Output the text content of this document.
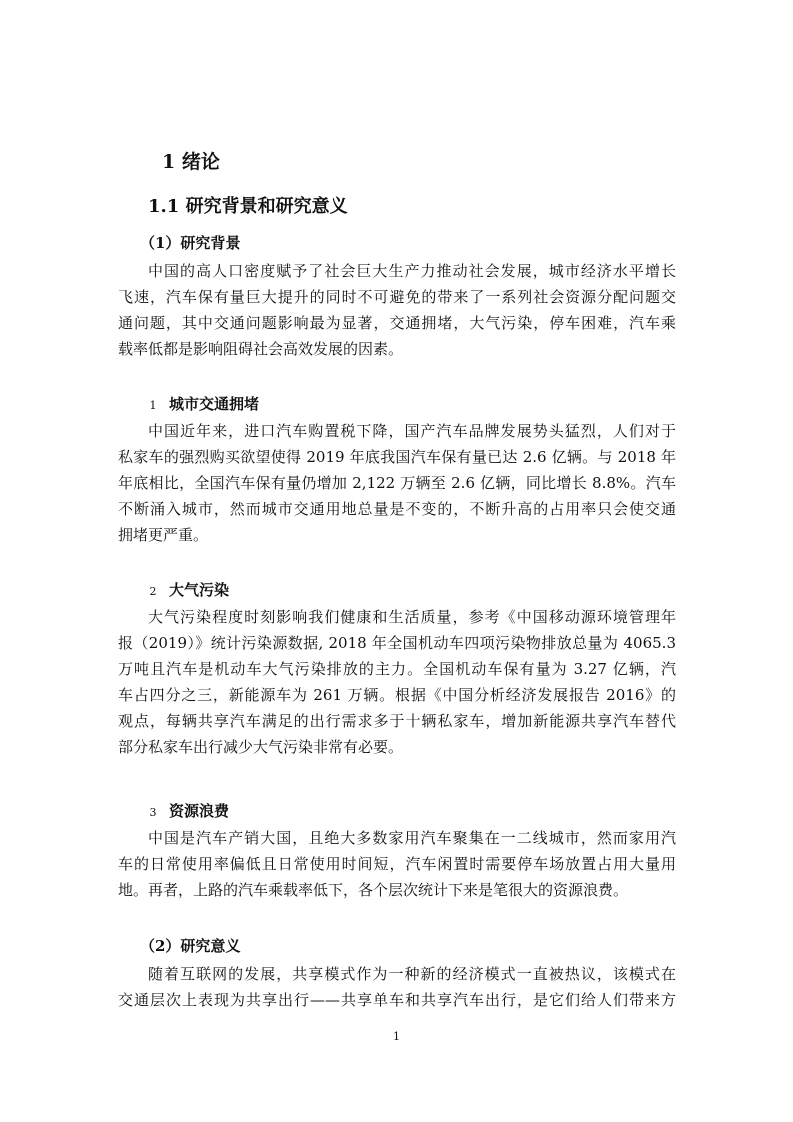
1 绪论
1.1 研究背景和研究意义
（1）研究背景
中国的高人口密度赋予了社会巨大生产力推动社会发展，城市经济水平增长
飞速，汽车保有量巨大提升的同时不可避免的带来了一系列社会资源分配问题交
通问题，其中交通问题影响最为显著，交通拥堵，大气污染，停车困难，汽车乘
载率低都是影响阻碍社会高效发展的因素。
1 城市交通拥堵
中国近年来，进口汽车购置税下降，国产汽车品牌发展势头猛烈，人们对于
私家车的强烈购买欲望使得 2019 年底我国汽车保有量已达 2.6 亿辆。与 2018 年
年底相比，全国汽车保有量仍增加 2,122 万辆至 2.6 亿辆，同比增长 8.8%。汽车
不断涌入城市，然而城市交通用地总量是不变的，不断升高的占用率只会使交通
拥堵更严重。
2 大气污染
大气污染程度时刻影响我们健康和生活质量，参考《中国移动源环境管理年
报（2019）》统计污染源数据, 2018 年全国机动车四项污染物排放总量为 4065.3
万吨且汽车是机动车大气污染排放的主力。全国机动车保有量为 3.27 亿辆，汽
车占四分之三，新能源车为 261 万辆。根据《中国分析经济发展报告 2016》的
观点，每辆共享汽车满足的出行需求多于十辆私家车，增加新能源共享汽车替代
部分私家车出行减少大气污染非常有必要。
3 资源浪费
中国是汽车产销大国，且绝大多数家用汽车聚集在一二线城市，然而家用汽
车的日常使用率偏低且日常使用时间短，汽车闲置时需要停车场放置占用大量用
地。再者，上路的汽车乘载率低下，各个层次统计下来是笔很大的资源浪费。
（2）研究意义
随着互联网的发展，共享模式作为一种新的经济模式一直被热议，该模式在
交通层次上表现为共享出行——共享单车和共享汽车出行，是它们给人们带来方
1
